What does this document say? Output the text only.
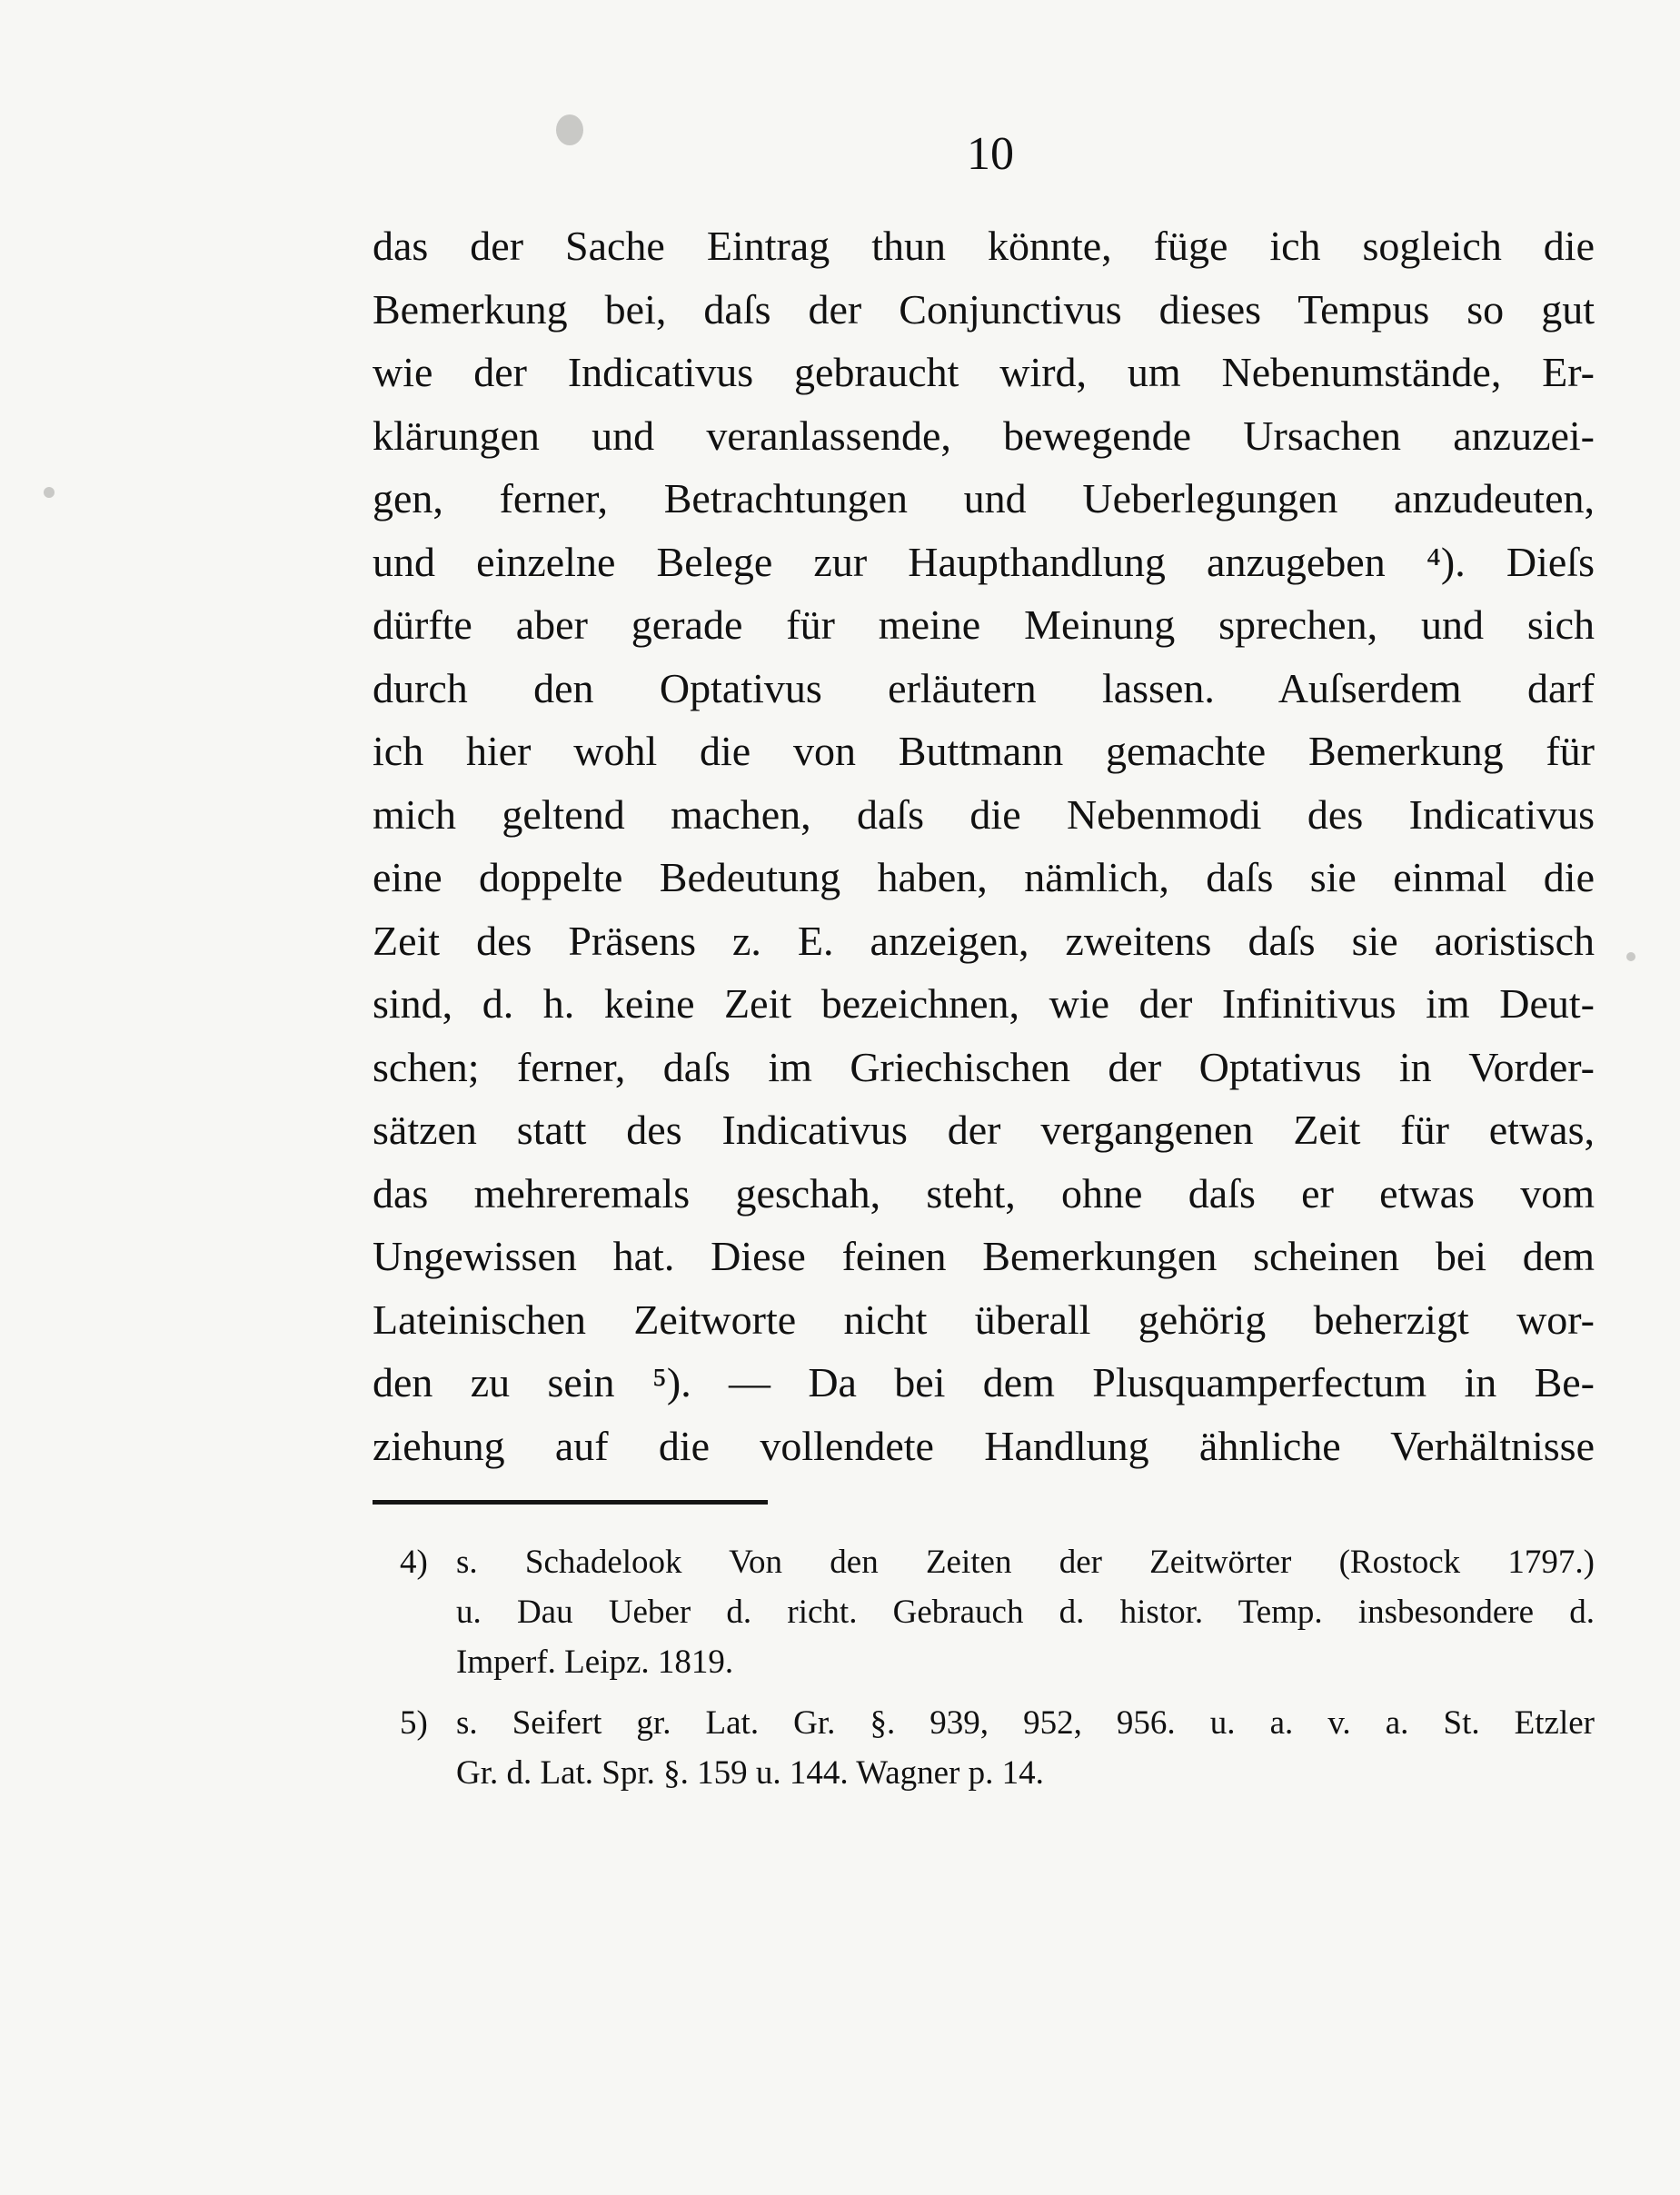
10
das der Sache Eintrag thun könnte, füge ich sogleich die
Bemerkung bei, daſs der Conjunctivus dieses Tempus so gut
wie der Indicativus gebraucht wird, um Nebenumstände, Er-
klärungen und veranlassende, bewegende Ursachen anzuzei-
gen, ferner, Betrachtungen und Ueberlegungen anzudeuten,
und einzelne Belege zur Haupthandlung anzugeben ⁴). Dieſs
dürfte aber gerade für meine Meinung sprechen, und sich
durch den Optativus erläutern lassen. Auſserdem darf
ich hier wohl die von Buttmann gemachte Bemerkung für
mich geltend machen, daſs die Nebenmodi des Indicativus
eine doppelte Bedeutung haben, nämlich, daſs sie einmal die
Zeit des Präsens z. E. anzeigen, zweitens daſs sie aoristisch
sind, d. h. keine Zeit bezeichnen, wie der Infinitivus im Deut-
schen; ferner, daſs im Griechischen der Optativus in Vorder-
sätzen statt des Indicativus der vergangenen Zeit für etwas,
das mehreremals geschah, steht, ohne daſs er etwas vom
Ungewissen hat. Diese feinen Bemerkungen scheinen bei dem
Lateinischen Zeitworte nicht überall gehörig beherzigt wor-
den zu sein ⁵). — Da bei dem Plusquamperfectum in Be-
ziehung auf die vollendete Handlung ähnliche Verhältnisse
4) s. Schadelook Von den Zeiten der Zeitwörter (Rostock 1797.)
u. Dau Ueber d. richt. Gebrauch d. histor. Temp. insbesondere d.
Imperf. Leipz. 1819.
5) s. Seifert gr. Lat. Gr. §. 939, 952, 956. u. a. v. a. St. Etzler
Gr. d. Lat. Spr. §. 159 u. 144. Wagner p. 14.
